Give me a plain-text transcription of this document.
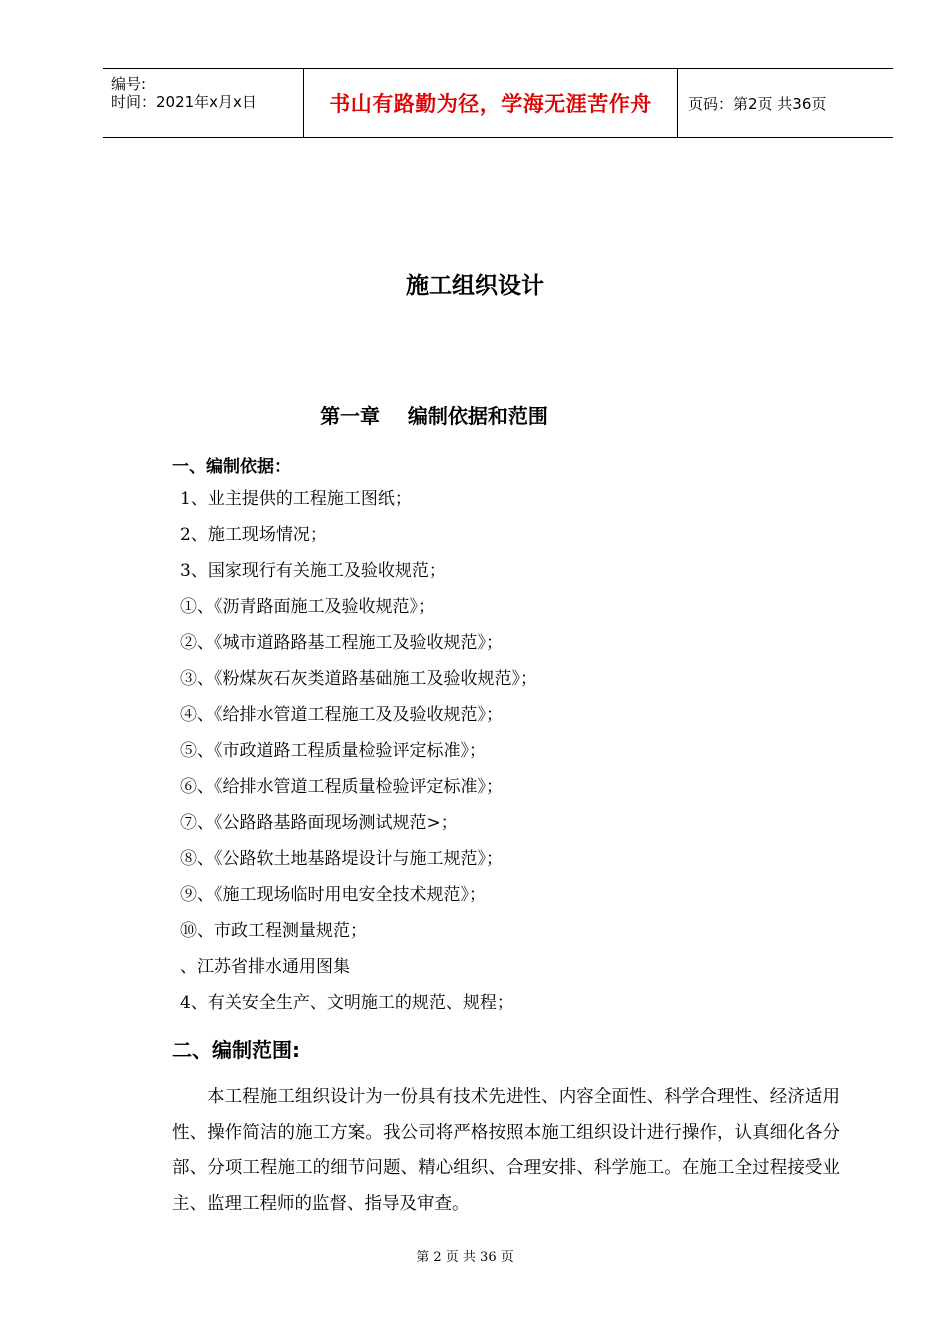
编号:
时间：2021年x月x日	书山有路勤为径，学海无涯苦作舟	页码：第2页 共36页
施工组织设计
第一章    编制依据和范围
一、编制依据：
1、业主提供的工程施工图纸；
2、施工现场情况；
3、国家现行有关施工及验收规范；
①、《沥青路面施工及验收规范》；
②、《城市道路路基工程施工及验收规范》；
③、《粉煤灰石灰类道路基础施工及验收规范》；
④、《给排水管道工程施工及及验收规范》；
⑤、《市政道路工程质量检验评定标准》；
⑥、《给排水管道工程质量检验评定标准》；
⑦、《公路路基路面现场测试规范>；
⑧、《公路软土地基路堤设计与施工规范》；
⑨、《施工现场临时用电安全技术规范》；
⑩、市政工程测量规范；
、江苏省排水通用图集
4、有关安全生产、文明施工的规范、规程；
二、编制范围:

本工程施工组织设计为一份具有技术先进性、内容全面性、科学合理性、经济适用性、操作简洁的施工方案。我公司将严格按照本施工组织设计进行操作，认真细化各分部、分项工程施工的细节问题、精心组织、合理安排、科学施工。在施工全过程接受业主、监理工程师的监督、指导及审查。

第 2 页 共 36 页
